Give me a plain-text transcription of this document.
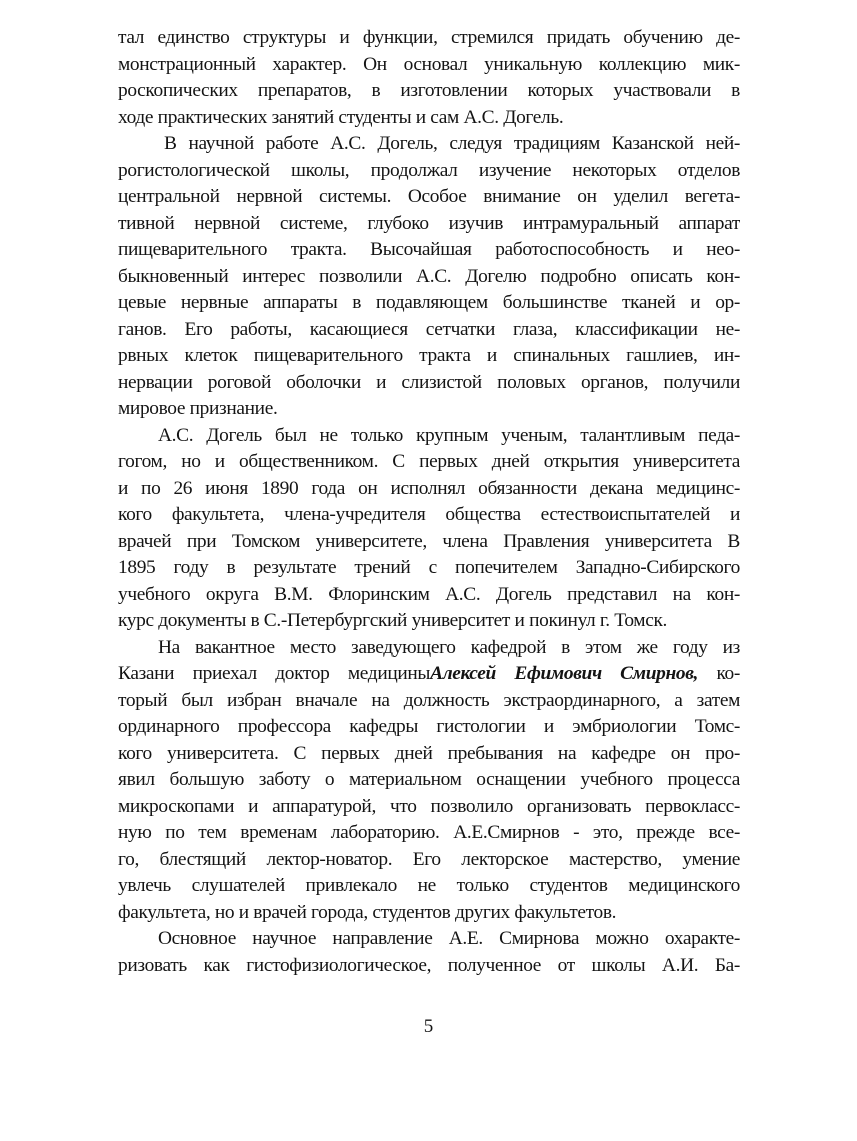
тал единство структуры и функции, стремился придать обучению де-
монстрационный характер. Он основал уникальную коллекцию мик-
роскопических препаратов, в изготовлении которых участвовали в
ходе практических занятий студенты и сам А.С. Догель.
В научной работе А.С. Догель, следуя традициям Казанской ней-
рогистологической школы, продолжал изучение некоторых отделов
центральной нервной системы. Особое внимание он уделил вегета-
тивной нервной системе, глубоко изучив интрамуральный аппарат
пищеварительного тракта. Высочайшая работоспособность и нео-
быкновенный интерес позволили А.С. Догелю подробно описать кон-
цевые нервные аппараты в подавляющем большинстве тканей и ор-
ганов. Его работы, касающиеся сетчатки глаза, классификации не-
рвных клеток пищеварительного тракта и спинальных гашлиев, ин-
нервации роговой оболочки и слизистой половых органов, получили
мировое признание.
А.С. Догель был не только крупным ученым, талантливым педа-
гогом, но и общественником. С первых дней открытия университета
и по 26 июня 1890 года он исполнял обязанности декана медицинс-
кого факультета, члена-учредителя общества естествоиспытателей и
врачей при Томском университете, члена Правления университета В
1895 году в результате трений с попечителем Западно-Сибирского
учебного округа В.М. Флоринским А.С. Догель представил на кон-
курс документы в С.-Петербургский университет и покинул г. Томск.
На вакантное место заведующего кафедрой в этом же году из
Казани приехал доктор медициныАлексей Ефимович Смирнов, ко-
торый был избран вначале на должность экстраординарного, а затем
ординарного профессора кафедры гистологии и эмбриологии Томс-
кого университета. С первых дней пребывания на кафедре он про-
явил большую заботу о материальном оснащении учебного процесса
микроскопами и аппаратурой, что позволило организовать первокласс-
ную по тем временам лабораторию. А.Е.Смирнов - это, прежде все-
го, блестящий лектор-новатор. Его лекторское мастерство, умение
увлечь слушателей привлекало не только студентов медицинского
факультета, но и врачей города, студентов других факультетов.
Основное научное направление А.Е. Смирнова можно охаракте-
ризовать как гистофизиологическое, полученное от школы А.И. Ба-
5
